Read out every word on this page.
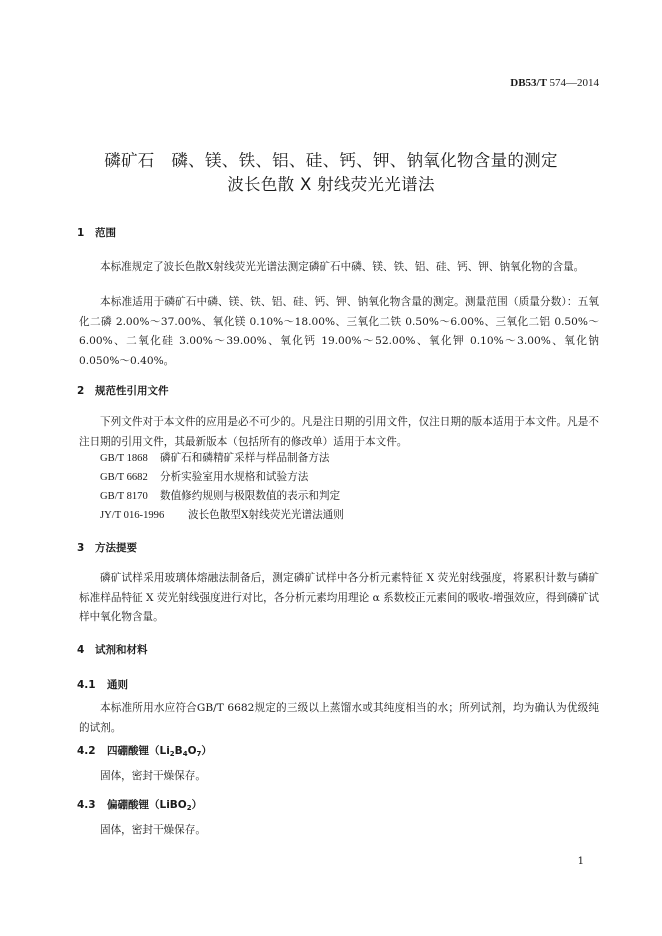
DB53/T 574—2014
磷矿石　磷、镁、铁、铝、硅、钙、钾、钠氧化物含量的测定
波长色散 X 射线荧光光谱法
1 范围
本标准规定了波长色散X射线荧光光谱法测定磷矿石中磷、镁、铁、铝、硅、钙、钾、钠氧化物的含量。
本标准适用于磷矿石中磷、镁、铁、铝、硅、钙、钾、钠氧化物含量的测定。测量范围（质量分数）：五氧化二磷 2.00%～37.00%、氧化镁 0.10%～18.00%、三氧化二铁 0.50%～6.00%、三氧化二铝 0.50%～6.00%、二氧化硅 3.00%～39.00%、氧化钙 19.00%～52.00%、氧化钾 0.10%～3.00%、氧化钠 0.050%～0.40%。
2 规范性引用文件
下列文件对于本文件的应用是必不可少的。凡是注日期的引用文件，仅注日期的版本适用于本文件。凡是不注日期的引用文件，其最新版本（包括所有的修改单）适用于本文件。
GB/T 1868 磷矿石和磷精矿采样与样品制备方法
GB/T 6682 分析实验室用水规格和试验方法
GB/T 8170 数值修约规则与极限数值的表示和判定
JY/T 016-1996 波长色散型X射线荧光光谱法通则
3 方法提要
磷矿试样采用玻璃体熔融法制备后，测定磷矿试样中各分析元素特征 X 荧光射线强度，将累积计数与磷矿标准样品特征 X 荧光射线强度进行对比，各分析元素均用理论 α 系数校正元素间的吸收-增强效应，得到磷矿试样中氧化物含量。
4 试剂和材料
4.1 通则
本标准所用水应符合GB/T 6682规定的三级以上蒸馏水或其纯度相当的水；所列试剂，均为确认为优级纯的试剂。
4.2 四硼酸锂$(Li_2B_4O_7)$
固体，密封干燥保存。
4.3 偏硼酸锂（LiBO$_2$）
固体，密封干燥保存。
1
